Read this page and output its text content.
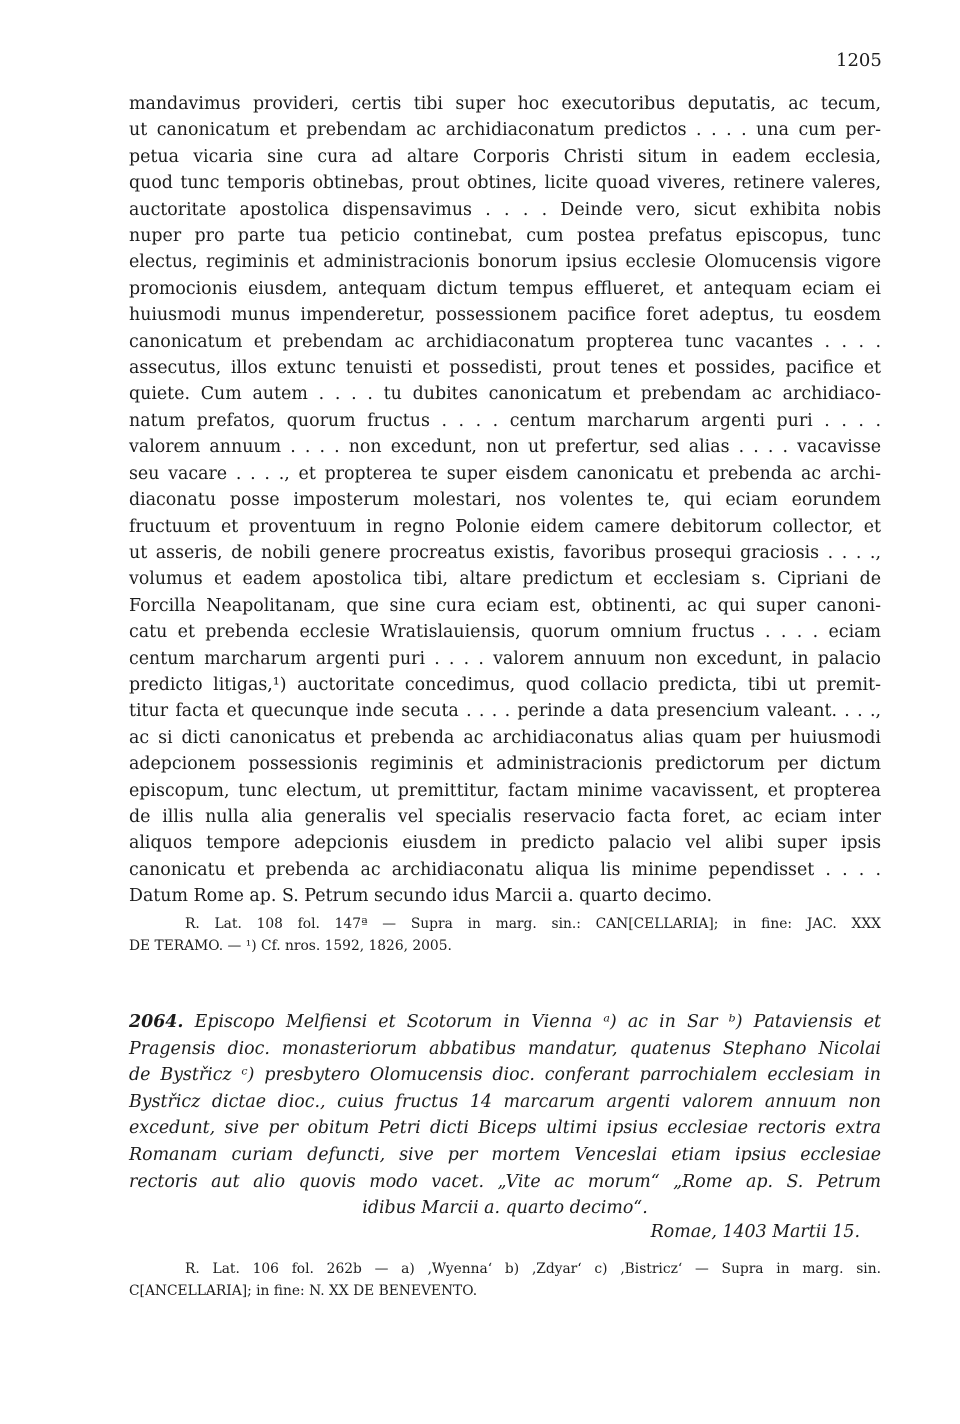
1205
mandavimus provideri, certis tibi super hoc executoribus deputatis, ac tecum,
ut canonicatum et prebendam ac archidiaconatum predictos . . . . una cum per-
petua vicaria sine cura ad altare Corporis Christi situm in eadem ecclesia,
quod tunc temporis obtinebas, prout obtines, licite quoad viveres, retinere valeres,
auctoritate apostolica dispensavimus . . . . Deinde vero, sicut exhibita nobis
nuper pro parte tua peticio continebat, cum postea prefatus episcopus, tunc
electus, regiminis et administracionis bonorum ipsius ecclesie Olomucensis vigore
promocionis eiusdem, antequam dictum tempus efflueret, et antequam eciam ei
huiusmodi munus impenderetur, possessionem pacifice foret adeptus, tu eosdem
canonicatum et prebendam ac archidiaconatum propterea tunc vacantes . . . .
assecutus, illos extunc tenuisti et possedisti, prout tenes et possides, pacifice et
quiete. Cum autem . . . . tu dubites canonicatum et prebendam ac archidiaco-
natum prefatos, quorum fructus . . . . centum marcharum argenti puri . . . .
valorem annuum . . . . non excedunt, non ut prefertur, sed alias . . . . vacavisse
seu vacare . . . ., et propterea te super eisdem canonicatu et prebenda ac archi-
diaconatu posse imposterum molestari, nos volentes te, qui eciam eorundem
fructuum et proventuum in regno Polonie eidem camere debitorum collector, et
ut asseris, de nobili genere procreatus existis, favoribus prosequi graciosis . . . .,
volumus et eadem apostolica tibi, altare predictum et ecclesiam s. Cipriani de
Forcilla Neapolitanam, que sine cura eciam est, obtinenti, ac qui super canoni-
catu et prebenda ecclesie Wratislauiensis, quorum omnium fructus . . . . eciam
centum marcharum argenti puri . . . . valorem annuum non excedunt, in palacio
predicto litigas,¹) auctoritate concedimus, quod collacio predicta, tibi ut premit-
titur facta et quecunque inde secuta . . . . perinde a data presencium valeant. . . .,
ac si dicti canonicatus et prebenda ac archidiaconatus alias quam per huiusmodi
adepcionem possessionis regiminis et administracionis predictorum per dictum
episcopum, tunc electum, ut premittitur, factam minime vacavissent, et propterea
de illis nulla alia generalis vel specialis reservacio facta foret, ac eciam inter
aliquos tempore adepcionis eiusdem in predicto palacio vel alibi super ipsis
canonicatu et prebenda ac archidiaconatu aliqua lis minime pependisset . . . .
Datum Rome ap. S. Petrum secundo idus Marcii a. quarto decimo.
R. Lat. 108 fol. 147ª — Supra in marg. sin.: CAN[CELLARIA]; in fine: JAC. XXX
DE TERAMO. — ¹) Cf. nros. 1592, 1826, 2005.
2064. Episcopo Melfiensi et Scotorum in Vienna ᵃ) ac in Sar ᵇ) Pataviensis et
Pragensis dioc. monasteriorum abbatibus mandatur, quatenus Stephano Nicolai
de Bystřicz ᶜ) presbytero Olomucensis dioc. conferant parrochialem ecclesiam in
Bystřicz dictae dioc., cuius fructus 14 marcarum argenti valorem annuum non
excedunt, sive per obitum Petri dicti Biceps ultimi ipsius ecclesiae rectoris extra
Romanam curiam defuncti, sive per mortem Venceslai etiam ipsius ecclesiae
rectoris aut alio quovis modo vacet. „Vite ac morum“ „Rome ap. S. Petrum
idibus Marcii a. quarto decimo“.
Romae, 1403 Martii 15.
R. Lat. 106 fol. 262b — a) ‚Wyenna‘ b) ‚Zdyar‘ c) ‚Bistricz‘ — Supra in marg. sin.
C[ANCELLARIA]; in fine: N. XX DE BENEVENTO.
